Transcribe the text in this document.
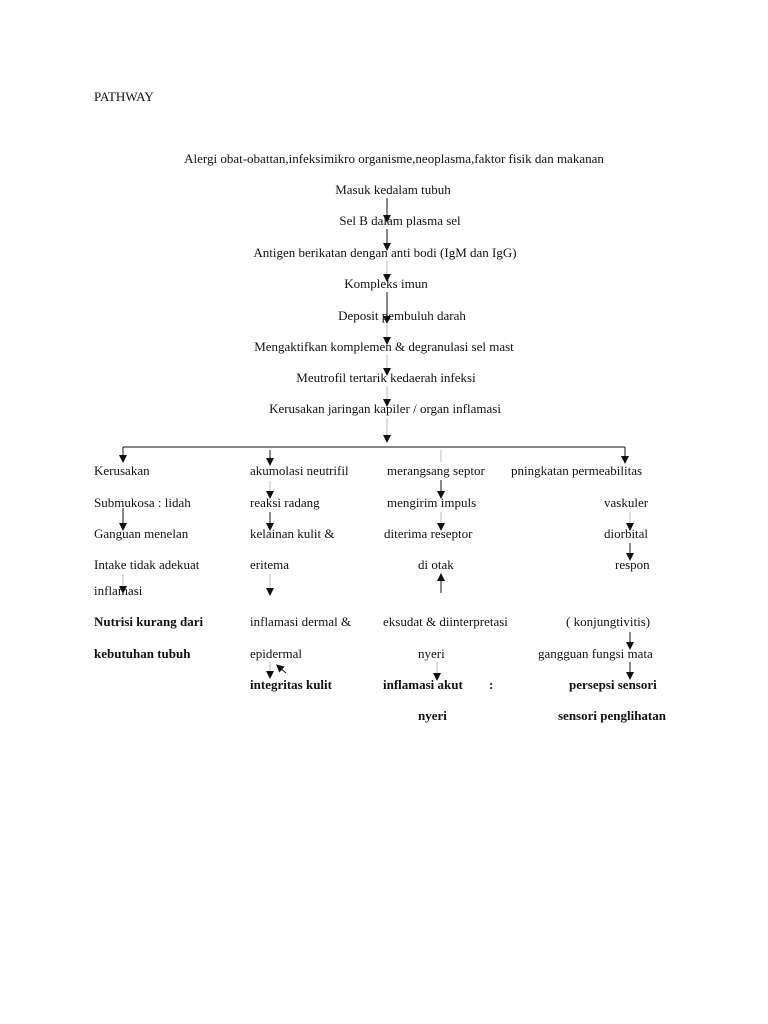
PATHWAY
Alergi obat-obattan,infeksimikro organisme,neoplasma,faktor fisik dan makanan
Masuk kedalam tubuh
Sel B dalam plasma sel
Antigen berikatan dengan anti bodi (IgM dan IgG)
Kompleks imun
Deposit pembuluh darah
Mengaktifkan komplemen & degranulasi sel mast
Meutrofil tertarik kedaerah infeksi
Kerusakan jaringan kapiler / organ inflamasi
Kerusakan
Submukosa : lidah
Ganguan menelan
Intake tidak adekuat
inflamasi
Nutrisi kurang dari
kebutuhan tubuh
akumolasi neutrifil
reaksi radang
kelainan kulit &
eritema
inflamasi dermal &
epidermal
integritas kulit
merangsang septor
mengirim impuls
diterima reseptor
di otak
eksudat & diinterpretasi
nyeri
inflamasi akut :
nyeri
pningkatan permeabilitas
vaskuler
diorbital
respon
( konjungtivitis)
gangguan fungsi mata
persepsi sensori
sensori penglihatan
